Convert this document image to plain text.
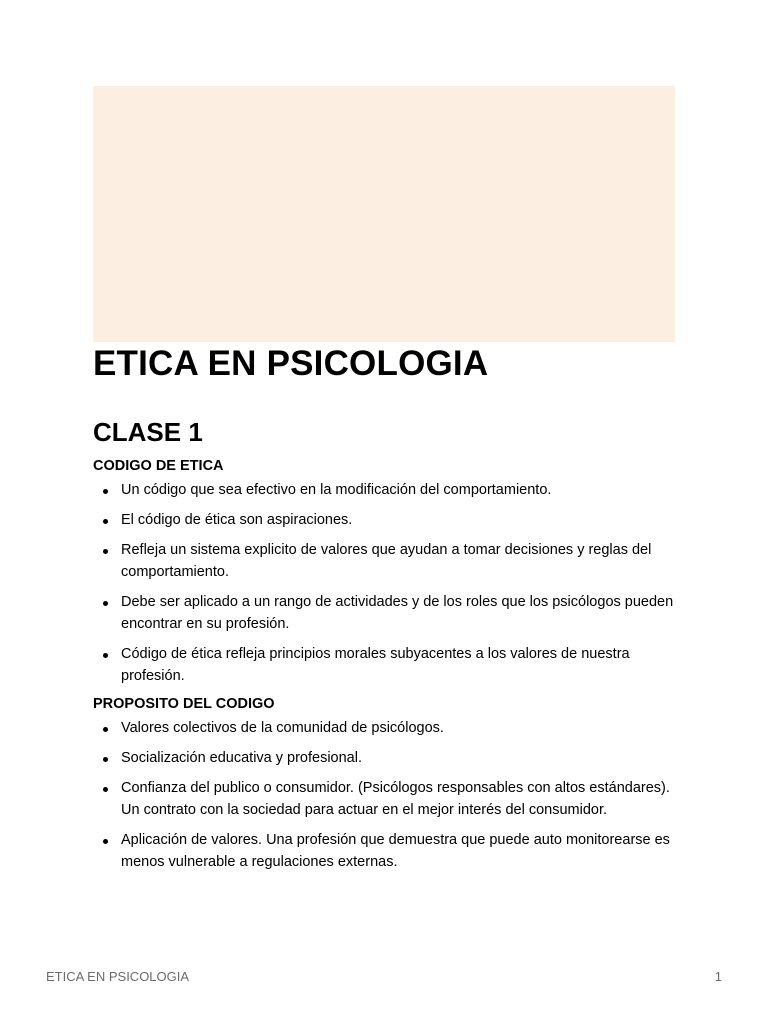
ETICA EN PSICOLOGIA
CLASE 1
CODIGO DE ETICA
Un código que sea efectivo en la modificación del comportamiento.
El código de ética son aspiraciones.
Refleja un sistema explicito de valores que ayudan a tomar decisiones y reglas del comportamiento.
Debe ser aplicado a un rango de actividades y de los roles que los psicólogos pueden encontrar en su profesión.
Código de ética refleja principios morales subyacentes a los valores de nuestra profesión.
PROPOSITO DEL CODIGO
Valores colectivos de la comunidad de psicólogos.
Socialización educativa y profesional.
Confianza del publico o consumidor. (Psicólogos responsables con altos estándares). Un contrato con la sociedad para actuar en el mejor interés del consumidor.
Aplicación de valores. Una profesión que demuestra que puede auto monitorearse es menos vulnerable a regulaciones externas.
ETICA EN PSICOLOGIA	1
